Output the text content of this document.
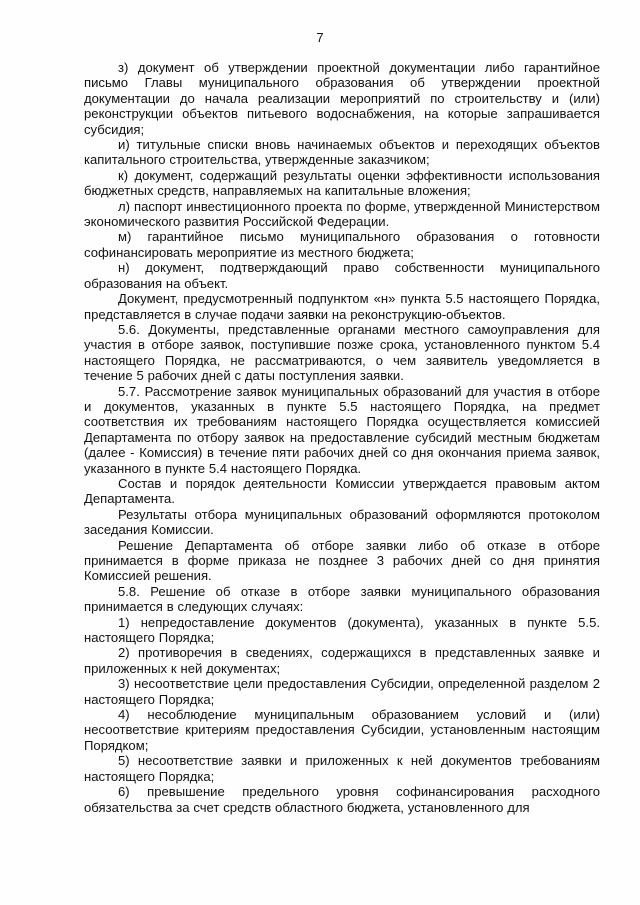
7

з) документ об утверждении проектной документации либо гарантийное письмо Главы муниципального образования об утверждении проектной документации до начала реализации мероприятий по строительству и (или) реконструкции объектов питьевого водоснабжения, на которые запрашивается субсидия;

и) титульные списки вновь начинаемых объектов и переходящих объектов капитального строительства, утвержденные заказчиком;

к) документ, содержащий результаты оценки эффективности использования бюджетных средств, направляемых на капитальные вложения;

л) паспорт инвестиционного проекта по форме, утвержденной Министерством экономического развития Российской Федерации.

м) гарантийное письмо муниципального образования о готовности софинансировать мероприятие из местного бюджета;

н) документ, подтверждающий право собственности муниципального образования на объект.

Документ, предусмотренный подпунктом «н» пункта 5.5 настоящего Порядка, представляется в случае подачи заявки на реконструкцию-объектов.

5.6. Документы, представленные органами местного самоуправления для участия в отборе заявок, поступившие позже срока, установленного пунктом 5.4 настоящего Порядка, не рассматриваются, о чем заявитель уведомляется в течение 5 рабочих дней с даты поступления заявки.

5.7. Рассмотрение заявок муниципальных образований для участия в отборе и документов, указанных в пункте 5.5 настоящего Порядка, на предмет соответствия их требованиям настоящего Порядка осуществляется комиссией Департамента по отбору заявок на предоставление субсидий местным бюджетам (далее - Комиссия) в течение пяти рабочих дней со дня окончания приема заявок, указанного в пункте 5.4 настоящего Порядка.

Состав и порядок деятельности Комиссии утверждается правовым актом Департамента.

Результаты отбора муниципальных образований оформляются протоколом заседания Комиссии.

Решение Департамента об отборе заявки либо об отказе в отборе принимается в форме приказа не позднее 3 рабочих дней со дня принятия Комиссией решения.

5.8. Решение об отказе в отборе заявки муниципального образования принимается в следующих случаях:

1) непредоставление документов (документа), указанных в пункте 5.5. настоящего Порядка;

2) противоречия в сведениях, содержащихся в представленных заявке и приложенных к ней документах;

3) несоответствие цели предоставления Субсидии, определенной разделом 2 настоящего Порядка;

4) несоблюдение муниципальным образованием условий и (или) несоответствие критериям предоставления Субсидии, установленным настоящим Порядком;

5) несоответствие заявки и приложенных к ней документов требованиям настоящего Порядка;

6) превышение предельного уровня софинансирования расходного обязательства за счет средств областного бюджета, установленного для
